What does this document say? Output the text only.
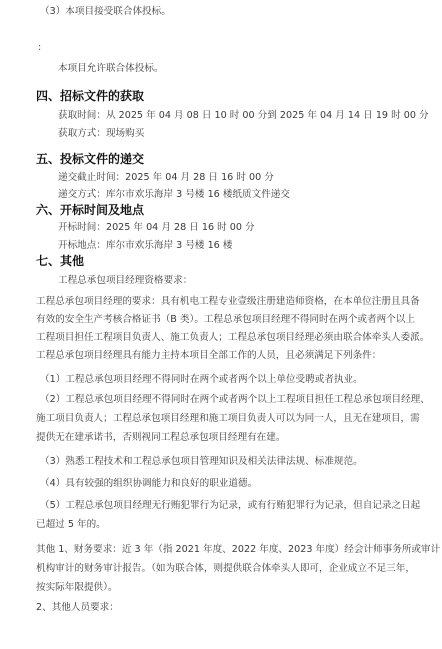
（3）本项目接受联合体投标。
:
本项目允许联合体投标。
四、招标文件的获取
获取时间：从 2025 年 04 月 08 日 10 时 00 分到 2025 年 04 月 14 日 19 时 00 分
获取方式：现场购买
五、投标文件的递交
递交截止时间：2025 年 04 月 28 日 16 时 00 分
递交方式：库尔市欢乐海岸 3 号楼 16 楼纸质文件递交
六、开标时间及地点
开标时间：2025 年 04 月 28 日 16 时 00 分
开标地点：库尔市欢乐海岸 3 号楼 16 楼
七、其他
工程总承包项目经理资格要求：
工程总承包项目经理的要求：具有机电工程专业壹级注册建造师资格，在本单位注册且具备
有效的安全生产考核合格证书（B 类）。工程总承包项目经理不得同时在两个或者两个以上
工程项目担任工程项目负责人、施工负责人；工程总承包项目经理必须由联合体牵头人委派。
工程总承包项目经理具有能力主持本项目全部工作的人员，且必须满足下列条件：
（1）工程总承包项目经理不得同时在两个或者两个以上单位受聘或者执业。
（2）工程总承包项目经理不得同时在两个或者两个以上工程项目担任工程总承包项目经理、
施工项目负责人；工程总承包项目经理和施工项目负责人可以为同一人，且无在建项目，需
提供无在建承诺书，否则视同工程总承包项目经理有在建。
（3）熟悉工程技术和工程总承包项目管理知识及相关法律法规、标准规范。
（4）具有较强的组织协调能力和良好的职业道德。
（5）工程总承包项目经理无行贿犯罪行为记录，或有行贿犯罪行为记录，但自记录之日起
已超过 5 年的。
其他 1、财务要求：近 3 年（指 2021 年度、2022 年度、2023 年度）经会计师事务所或审计
机构审计的财务审计报告。（如为联合体，则提供联合体牵头人即可，企业成立不足三年，
按实际年限提供）。
2、其他人员要求：
